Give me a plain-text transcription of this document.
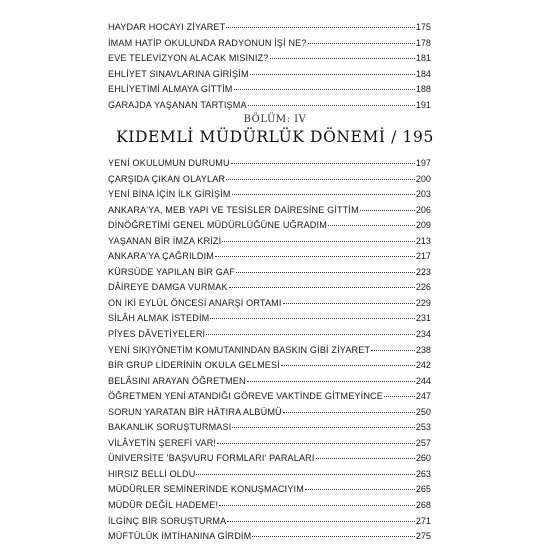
HAYDAR HOCAYI ZİYARET	175
İMAM HATİP OKULUNDA RADYONUN İŞİ NE?	178
EVE TELEVİZYON ALACAK MISINIZ?	181
EHLİYET SINAVLARINA GİRİŞİM	184
EHLİYETİMİ ALMAYA GİTTİM	188
GARAJDA YAŞANAN TARTIŞMA	191
BÖLÜM: IV
KIDEMLİ MÜDÜRLÜK DÖNEMİ / 195
YENİ OKULUMUN DURUMU	197
ÇARŞIDA ÇIKAN OLAYLAR	200
YENİ BİNA İÇİN İLK GİRİŞİM	203
ANKARA'YA, MEB YAPI VE TESİSLER DAİRESİNE GİTTİM	206
DİNÖĞRETİMİ GENEL MÜDÜRLÜĞÜNE UĞRADIM	209
YAŞANAN BİR İMZA KRİZİ	213
ANKARA'YA ÇAĞRILDIM	217
KÜRSÜDE YAPILAN BİR GAF	223
DÂİREYE DAMGA VURMAK	226
ON İKİ EYLÜL ÖNCESİ ANARŞİ ORTAMI	229
SİLÂH ALMAK İSTEDİM	231
PİYES DÂVETİYELERİ	234
YENİ SIKIYÖNETİM KOMUTANINDAN BASKIN GİBİ ZİYARET	238
BİR GRUP LİDERİNİN OKULA GELMESİ	242
BELÂSINI ARAYAN ÖĞRETMEN	244
ÖĞRETMEN YENİ ATANDIĞI GÖREVE VAKTİNDE GİTMEYİNCE	247
SORUN YARATAN BİR HÂTIRA ALBÜMÜ	250
BAKANLIK SORUŞTURMASI	253
VİLÂYETİN ŞEREFİ VAR!	257
ÜNİVERSİTE 'BAŞVURU FORMLARI' PARALARI	260
HIRSIZ BELLİ OLDU	263
MÜDÜRLER SEMİNERİNDE KONUŞMACIYIM	265
MÜDÜR DEĞİL HADEME!	268
İLGİNÇ BİR SORUŞTURMA	271
MÜFTÜLÜK İMTİHANINA GİRDİM	275
